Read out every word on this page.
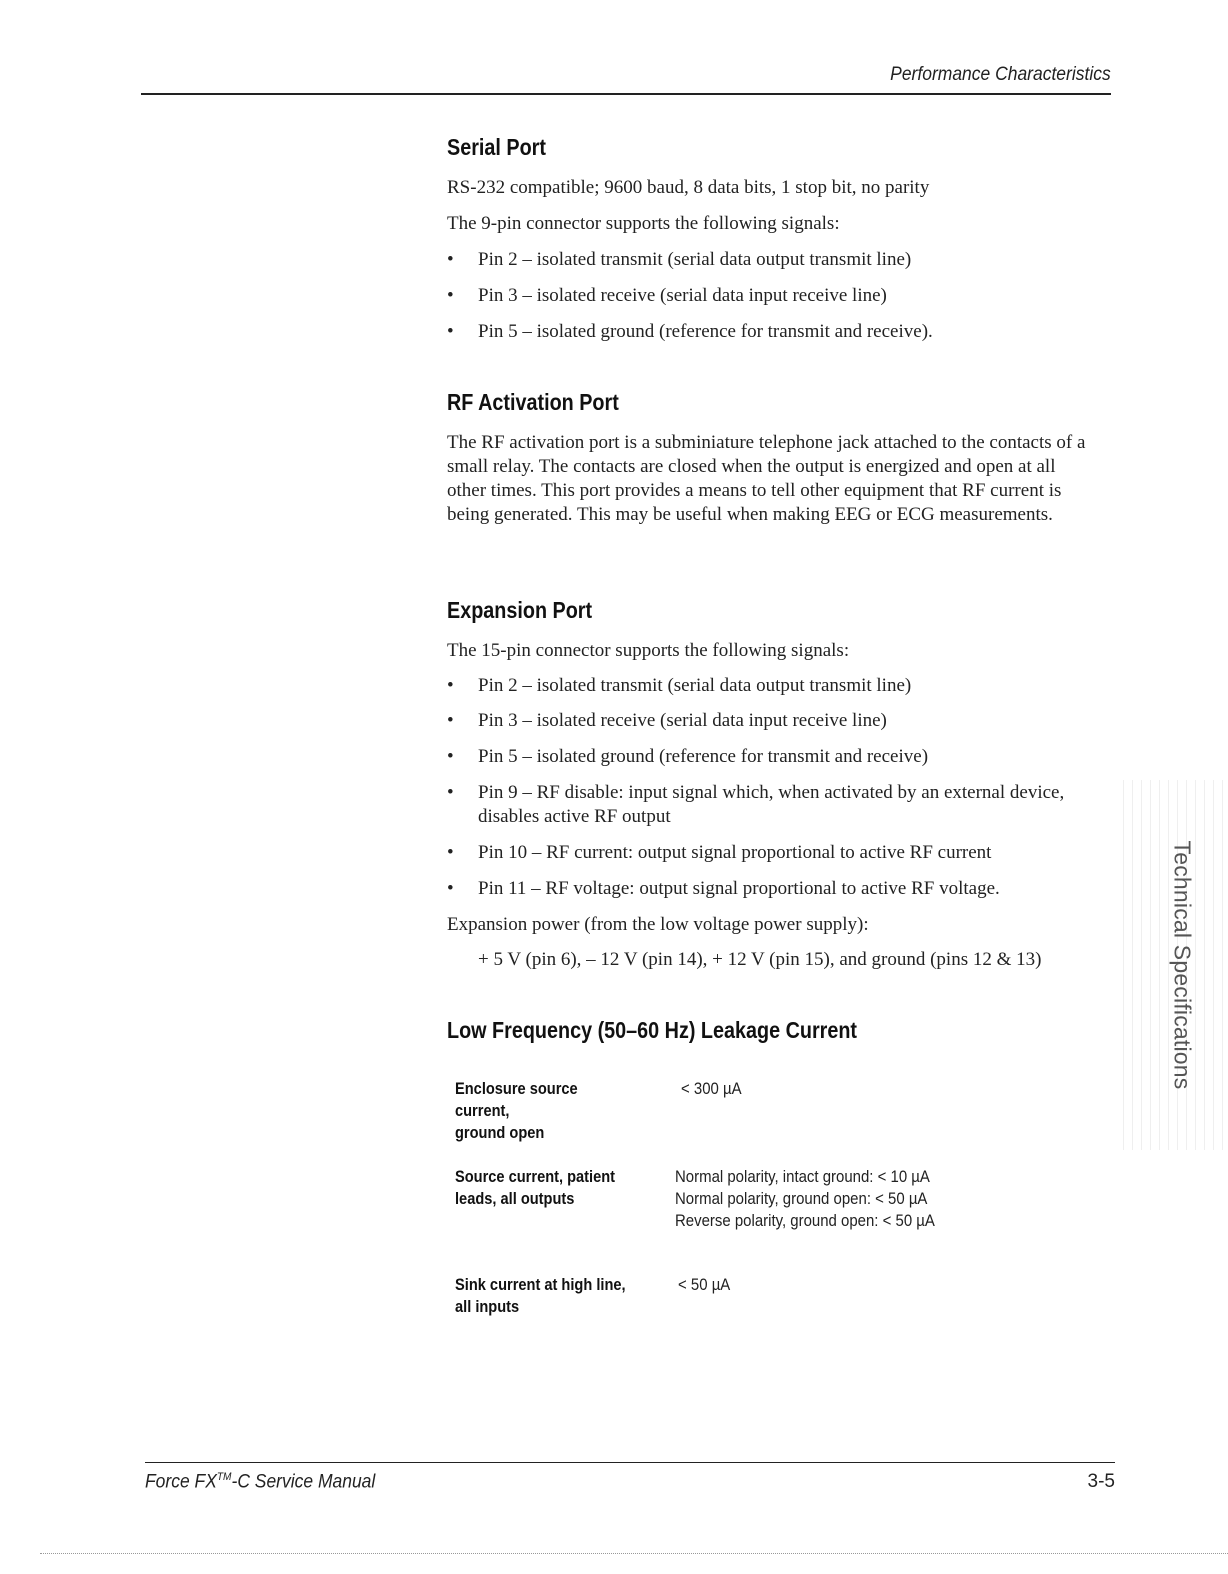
Performance Characteristics
Serial Port

RS-232 compatible; 9600 baud, 8 data bits, 1 stop bit, no parity

The 9-pin connector supports the following signals:

• Pin 2 – isolated transmit (serial data output transmit line)
• Pin 3 – isolated receive (serial data input receive line)
• Pin 5 – isolated ground (reference for transmit and receive).
RF Activation Port

The RF activation port is a subminiature telephone jack attached to the contacts of a small relay. The contacts are closed when the output is energized and open at all other times. This port provides a means to tell other equipment that RF current is being generated. This may be useful when making EEG or ECG measurements.

Expansion Port

The 15-pin connector supports the following signals:

• Pin 2 – isolated transmit (serial data output transmit line)
• Pin 3 – isolated receive (serial data input receive line)
• Pin 5 – isolated ground (reference for transmit and receive)
• Pin 9 – RF disable: input signal which, when activated by an external device, disables active RF output
• Pin 10 – RF current: output signal proportional to active RF current
• Pin 11 – RF voltage: output signal proportional to active RF voltage.

Expansion power (from the low voltage power supply):

+ 5 V (pin 6), – 12 V (pin 14), + 12 V (pin 15), and ground (pins 12 & 13)

Low Frequency (50–60 Hz) Leakage Current
Enclosure source current,
ground open
< 300 µA
Source current, patient
leads, all outputs
Normal polarity, intact ground: < 10 µA
Normal polarity, ground open: < 50 µA
Reverse polarity, ground open: < 50 µA
Sink current at high line,
all inputs
< 50 µA
Technical Specifications
Force FX™-C Service Manual	3-5
